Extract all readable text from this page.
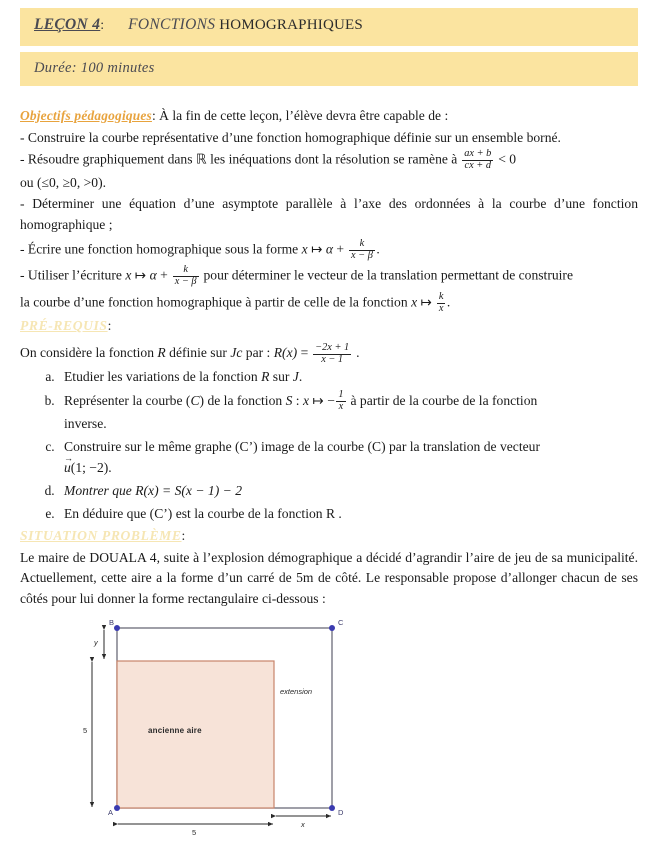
LEÇON 4: FONCTIONS HOMOGRAPHIQUES
Durée: 100 minutes

Objectifs pédagogiques: À la fin de cette leçon, l’élève devra être capable de :

- Construire la courbe représentative d’une fonction homographique définie sur un ensemble borné.

- Résoudre graphiquement dans ℝ les inéquations dont la résolution se ramène à $\frac{ax + b}{cx + d} < 0$

ou (≤0, ≥0, >0).

- Déterminer une équation d’une asymptote parallèle à l’axe des ordonnées à la courbe d’une fonction homographique ;

- Écrire une fonction homographique sous la forme x ↦ $\alpha + \frac{k}{x - \beta}$ .

- Utiliser l’écriture x ↦ $\alpha + \frac{k}{x - \beta}$ pour déterminer le vecteur de la translation permettant de construire

la courbe d’une fonction homographique à partir de celle de la fonction x ↦ $\frac{k}{x}$ .

PRÉ-REQUIS:

On considère la fonction R définie sur Jc par : $R(x) = \frac{-2x + 1}{x - 1}$ .

a. Etudier les variations de la fonction R sur J.
b. Représenter la courbe (C) de la fonction S : x ↦ − $\frac{1}{x}$ à partir de la courbe de la fonction
inverse.
c. Construire sur le même graphe (C’) image de la courbe (C) par la translation de vecteur
→
u(1; −2).
d. Montrer que R(x) = S(x − 1) − 2
e. En déduire que (C’) est la courbe de la fonction R .

SITUATION PROBLÈME:

Le maire de DOUALA 4, suite à l’explosion démographique a décidé d’agrandir l’aire de jeu de sa municipalité. Actuellement, cette aire a la forme d’un carré de 5m de côté. Le responsable propose d’allonger chacun de ses côtés pour lui donner la forme rectangulaire ci-dessous :

B	C
A	D
ancienne aire
extension
y
5
5
x
